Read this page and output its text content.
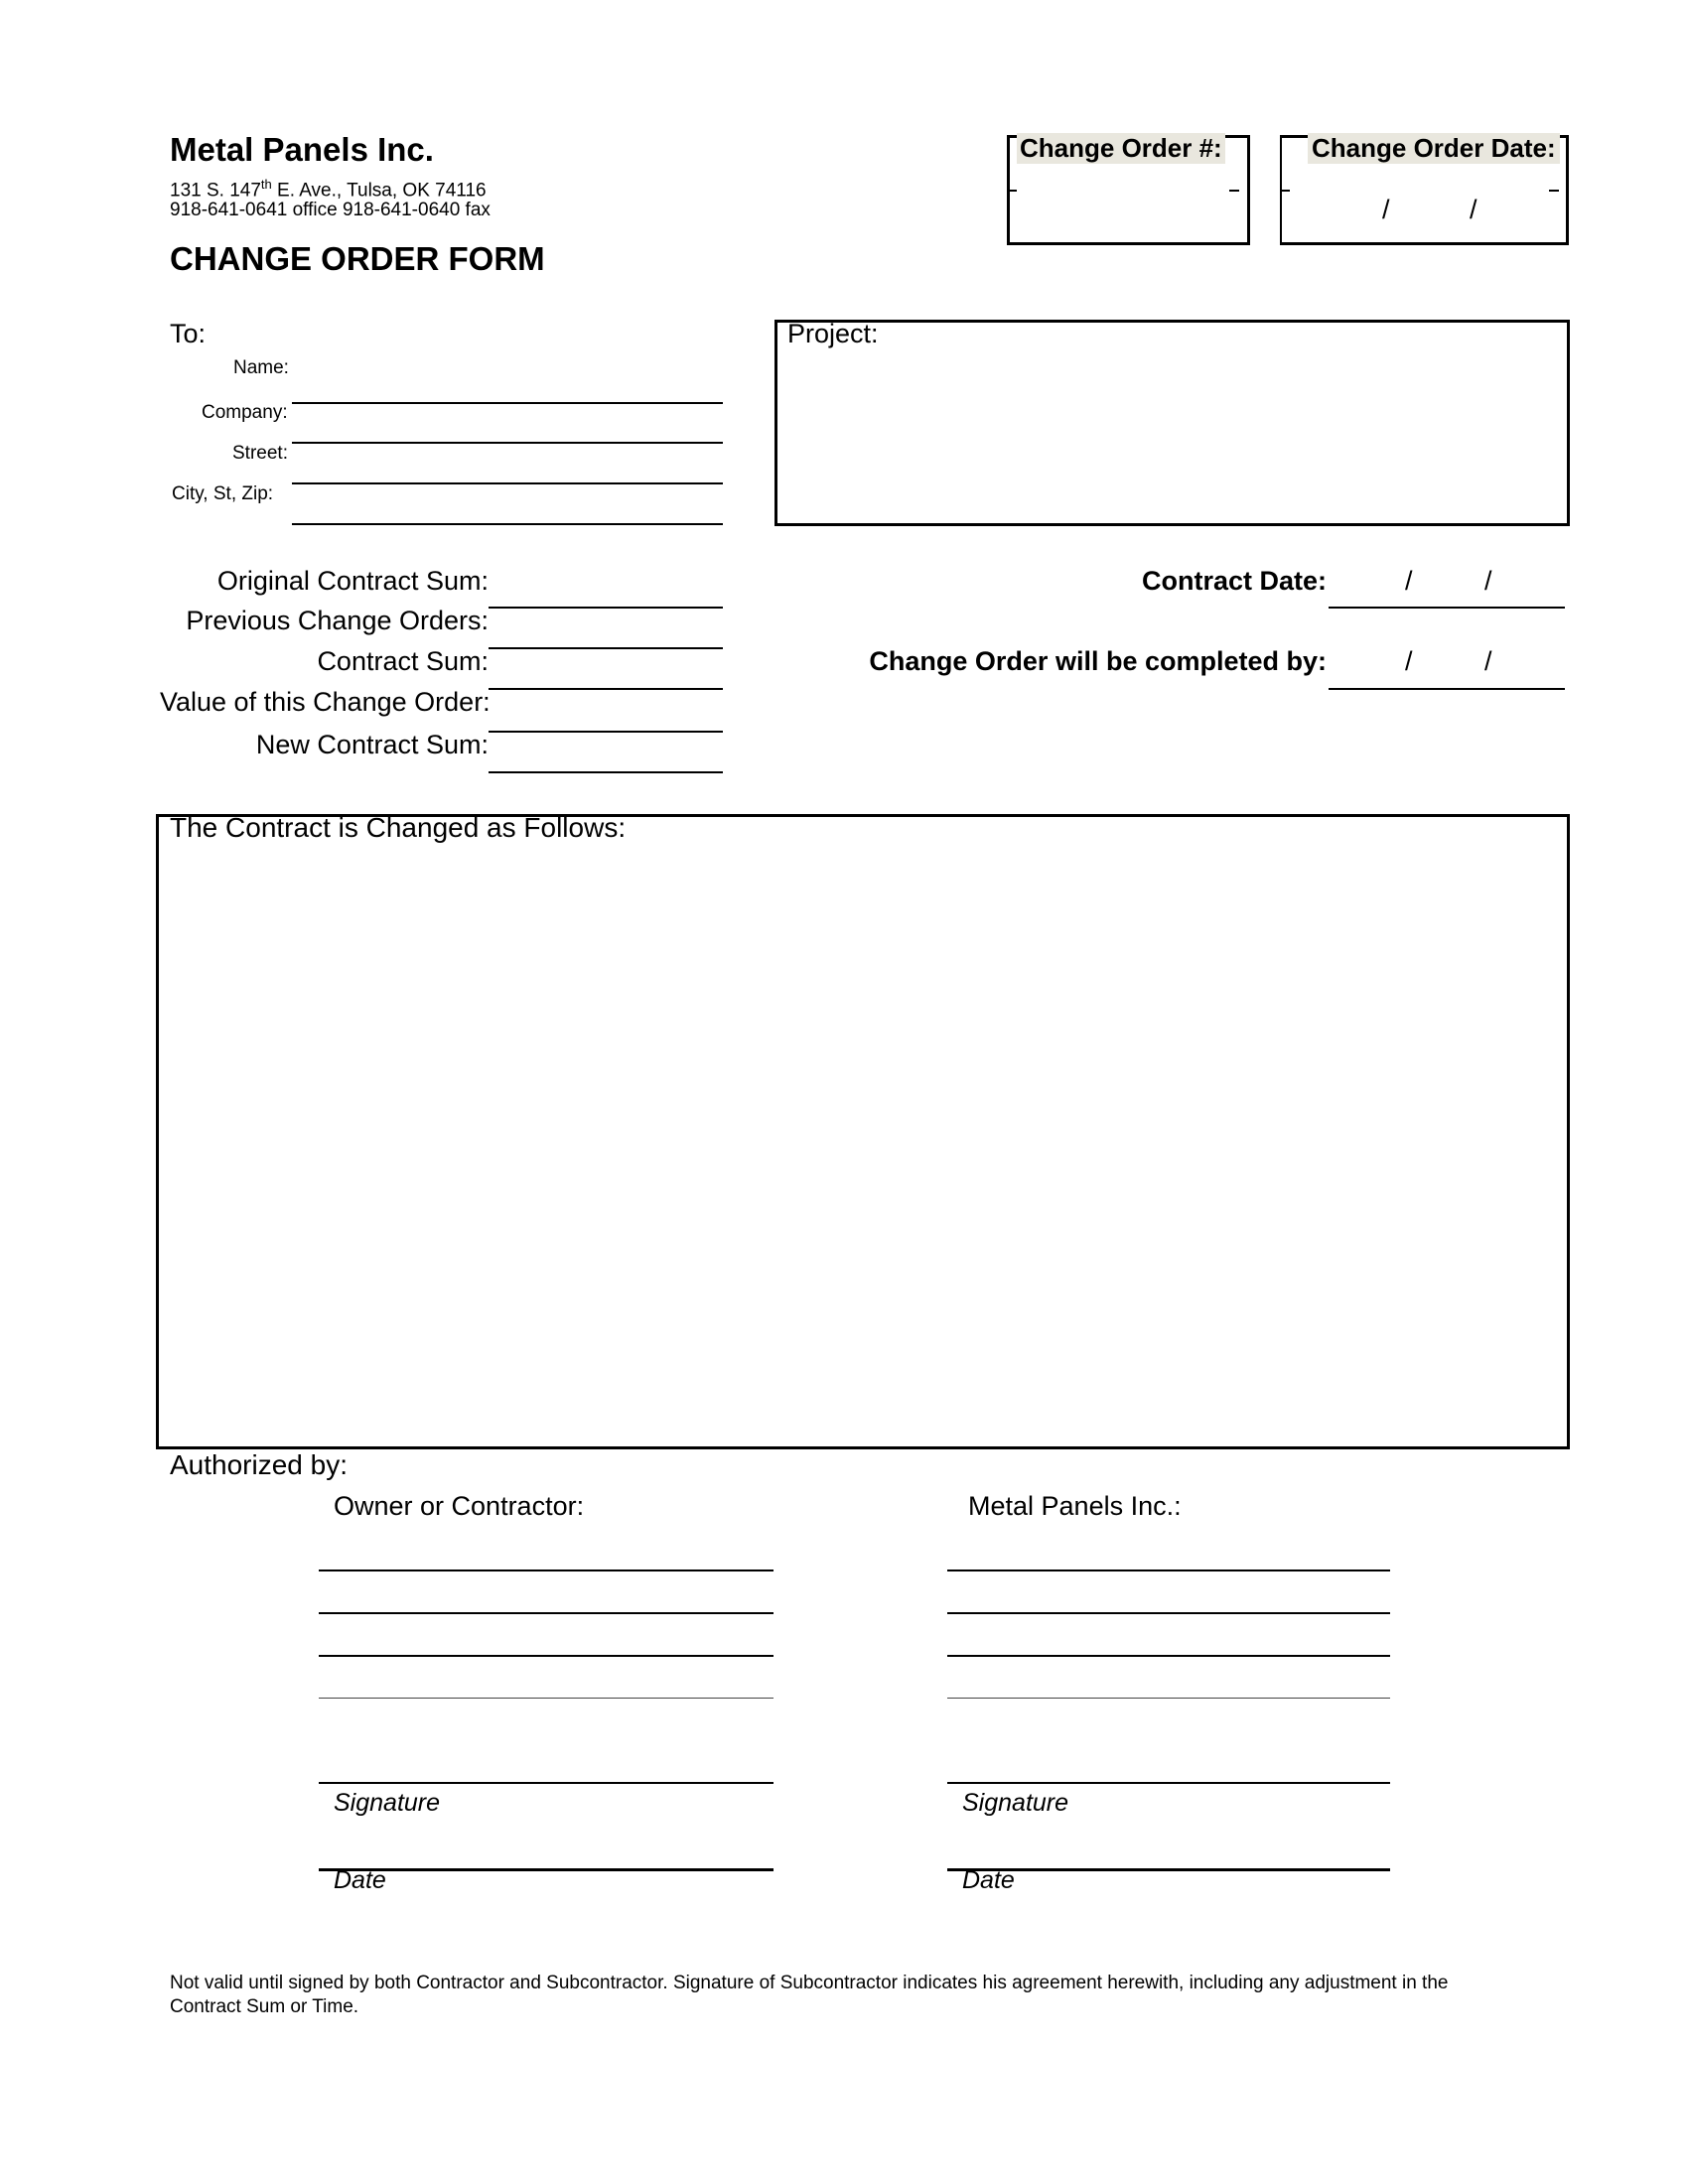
Metal Panels Inc.
131 S. 147th E. Ave., Tulsa, OK 74116
918-641-0641 office 918-641-0640 fax
CHANGE ORDER FORM
Change Order #:	Change Order Date:
/	/
To:
Name:
Company:
Street:
City, St, Zip:
Project:
Original Contract Sum:
Previous Change Orders:
Contract Sum:
Value of this Change Order:
New Contract Sum:
Contract Date:	/	/
Change Order will be completed by:	/	/
The Contract is Changed as Follows:
Authorized by:
Owner or Contractor:	Metal Panels Inc.:
Signature
Date
Signature
Date
Not valid until signed by both Contractor and Subcontractor. Signature of Subcontractor indicates his agreement herewith, including any adjustment in the Contract Sum or Time.
